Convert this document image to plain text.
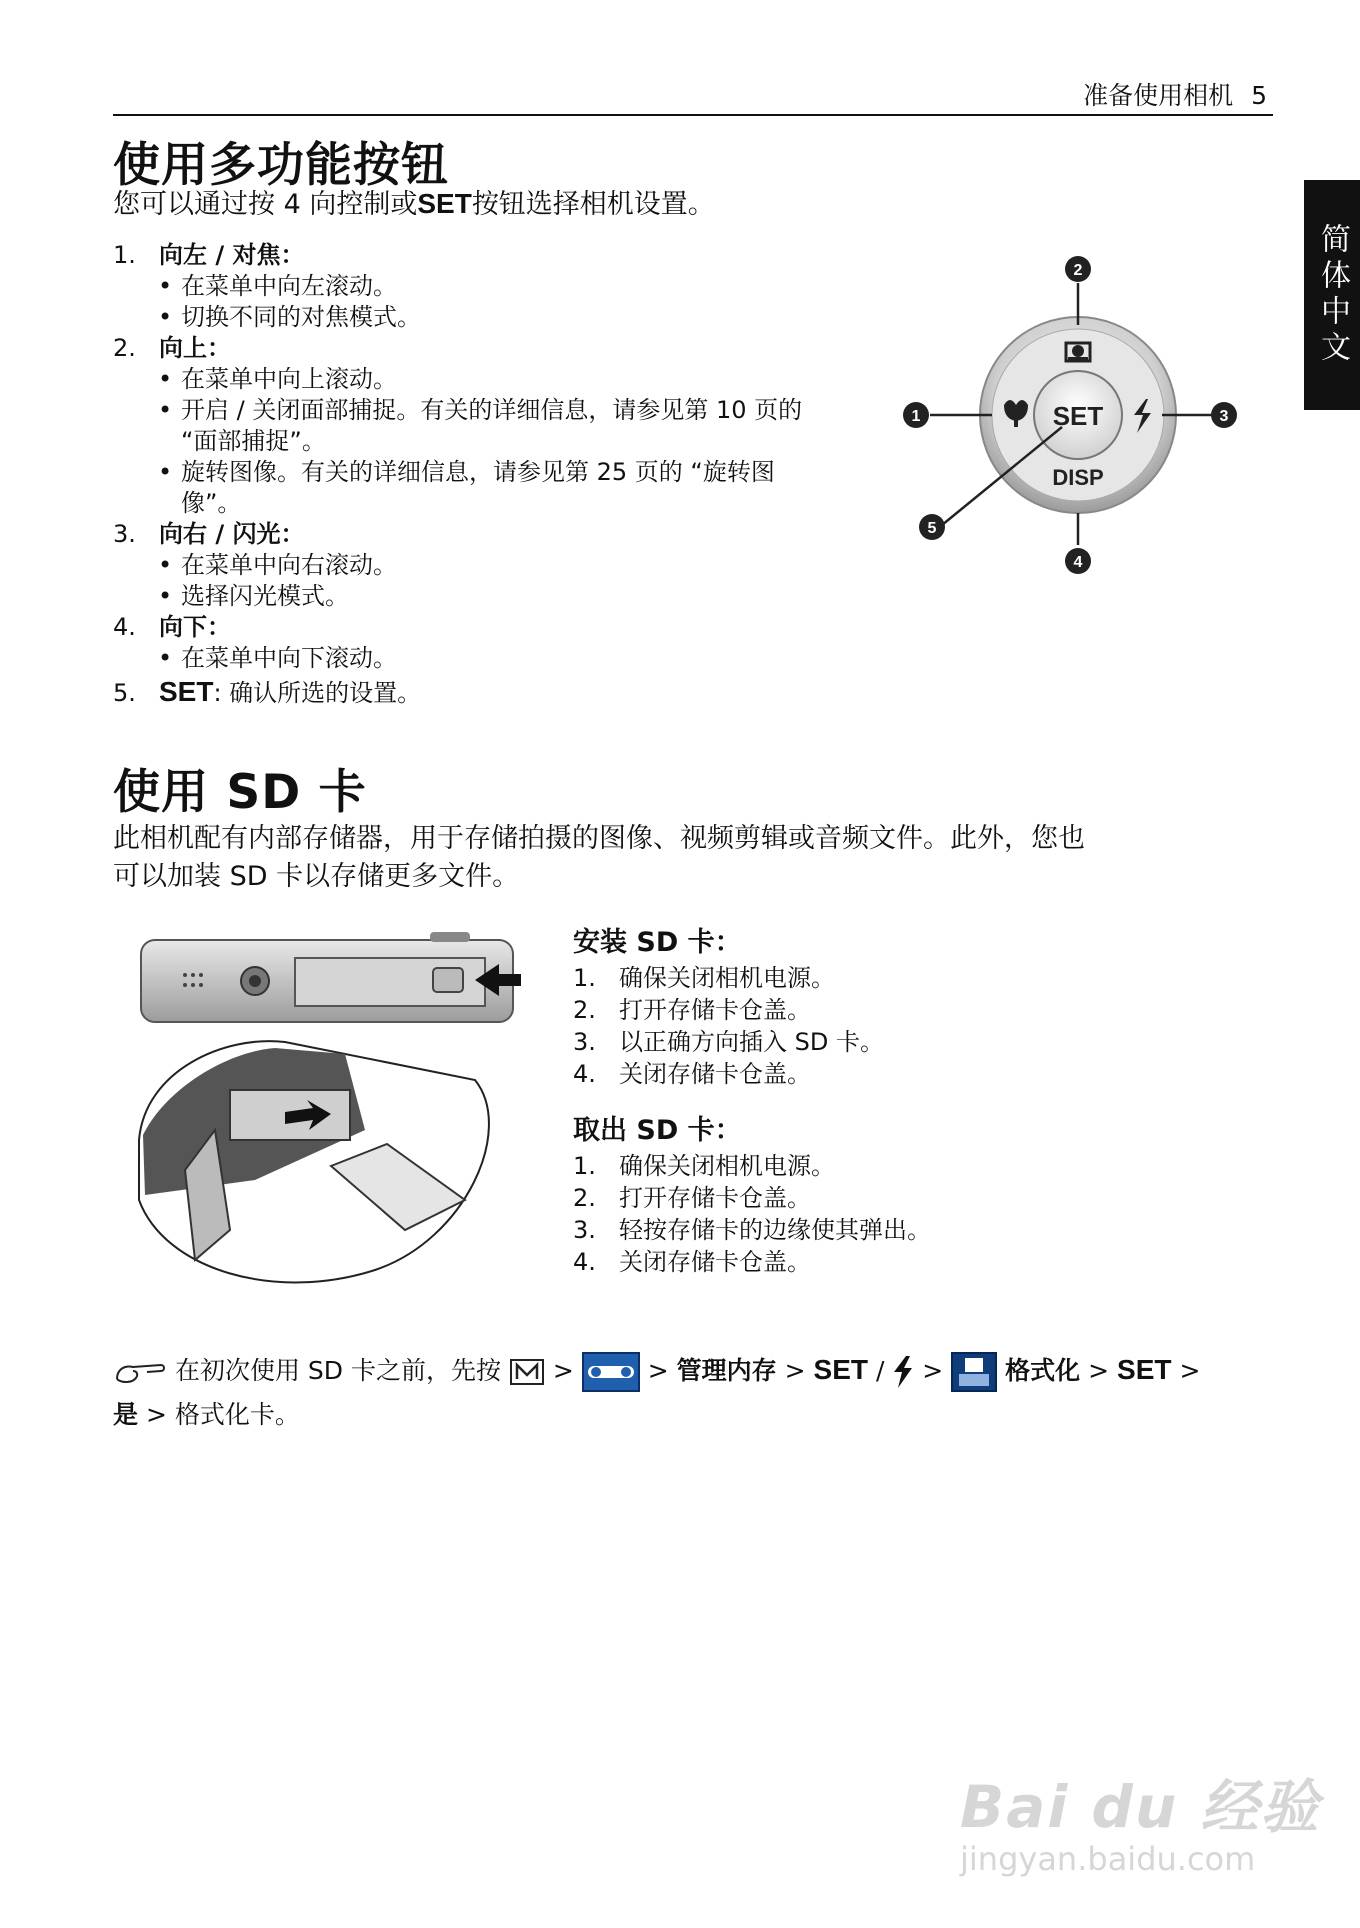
准备使用相机 5
简体中文
使用多功能按钮

您可以通过按 4 向控制或SET按钮选择相机设置。

1. 向左 / 对焦：
• 在菜单中向左滚动。
• 切换不同的对焦模式。
2. 向上：
• 在菜单中向上滚动。
• 开启 / 关闭面部捕捉。有关的详细信息，请参见第 10 页的
“面部捕捉”。
• 旋转图像。有关的详细信息，请参见第 25 页的 “旋转图
像”。
3. 向右 / 闪光：
• 在菜单中向右滚动。
• 选择闪光模式。
4. 向下：
• 在菜单中向下滚动。
5. SET: 确认所选的设置。
SET
DISP
2
1	3
4
5
使用 SD 卡

此相机配有内部存储器，用于存储拍摄的图像、视频剪辑或音频文件。此外，您也
可以加装 SD 卡以存储更多文件。

安装 SD 卡：
1. 确保关闭相机电源。
2. 打开存储卡仓盖。
3. 以正确方向插入 SD 卡。
4. 关闭存储卡仓盖。
取出 SD 卡：
1. 确保关闭相机电源。
2. 打开存储卡仓盖。
3. 轻按存储卡的边缘使其弹出。
4. 关闭存储卡仓盖。
在初次使用 SD 卡之前，先按 >	> 管理内存 > SET / > 格式化 > SET >
是 > 格式化卡。
Bai du 经验
jingyan.baidu.com
